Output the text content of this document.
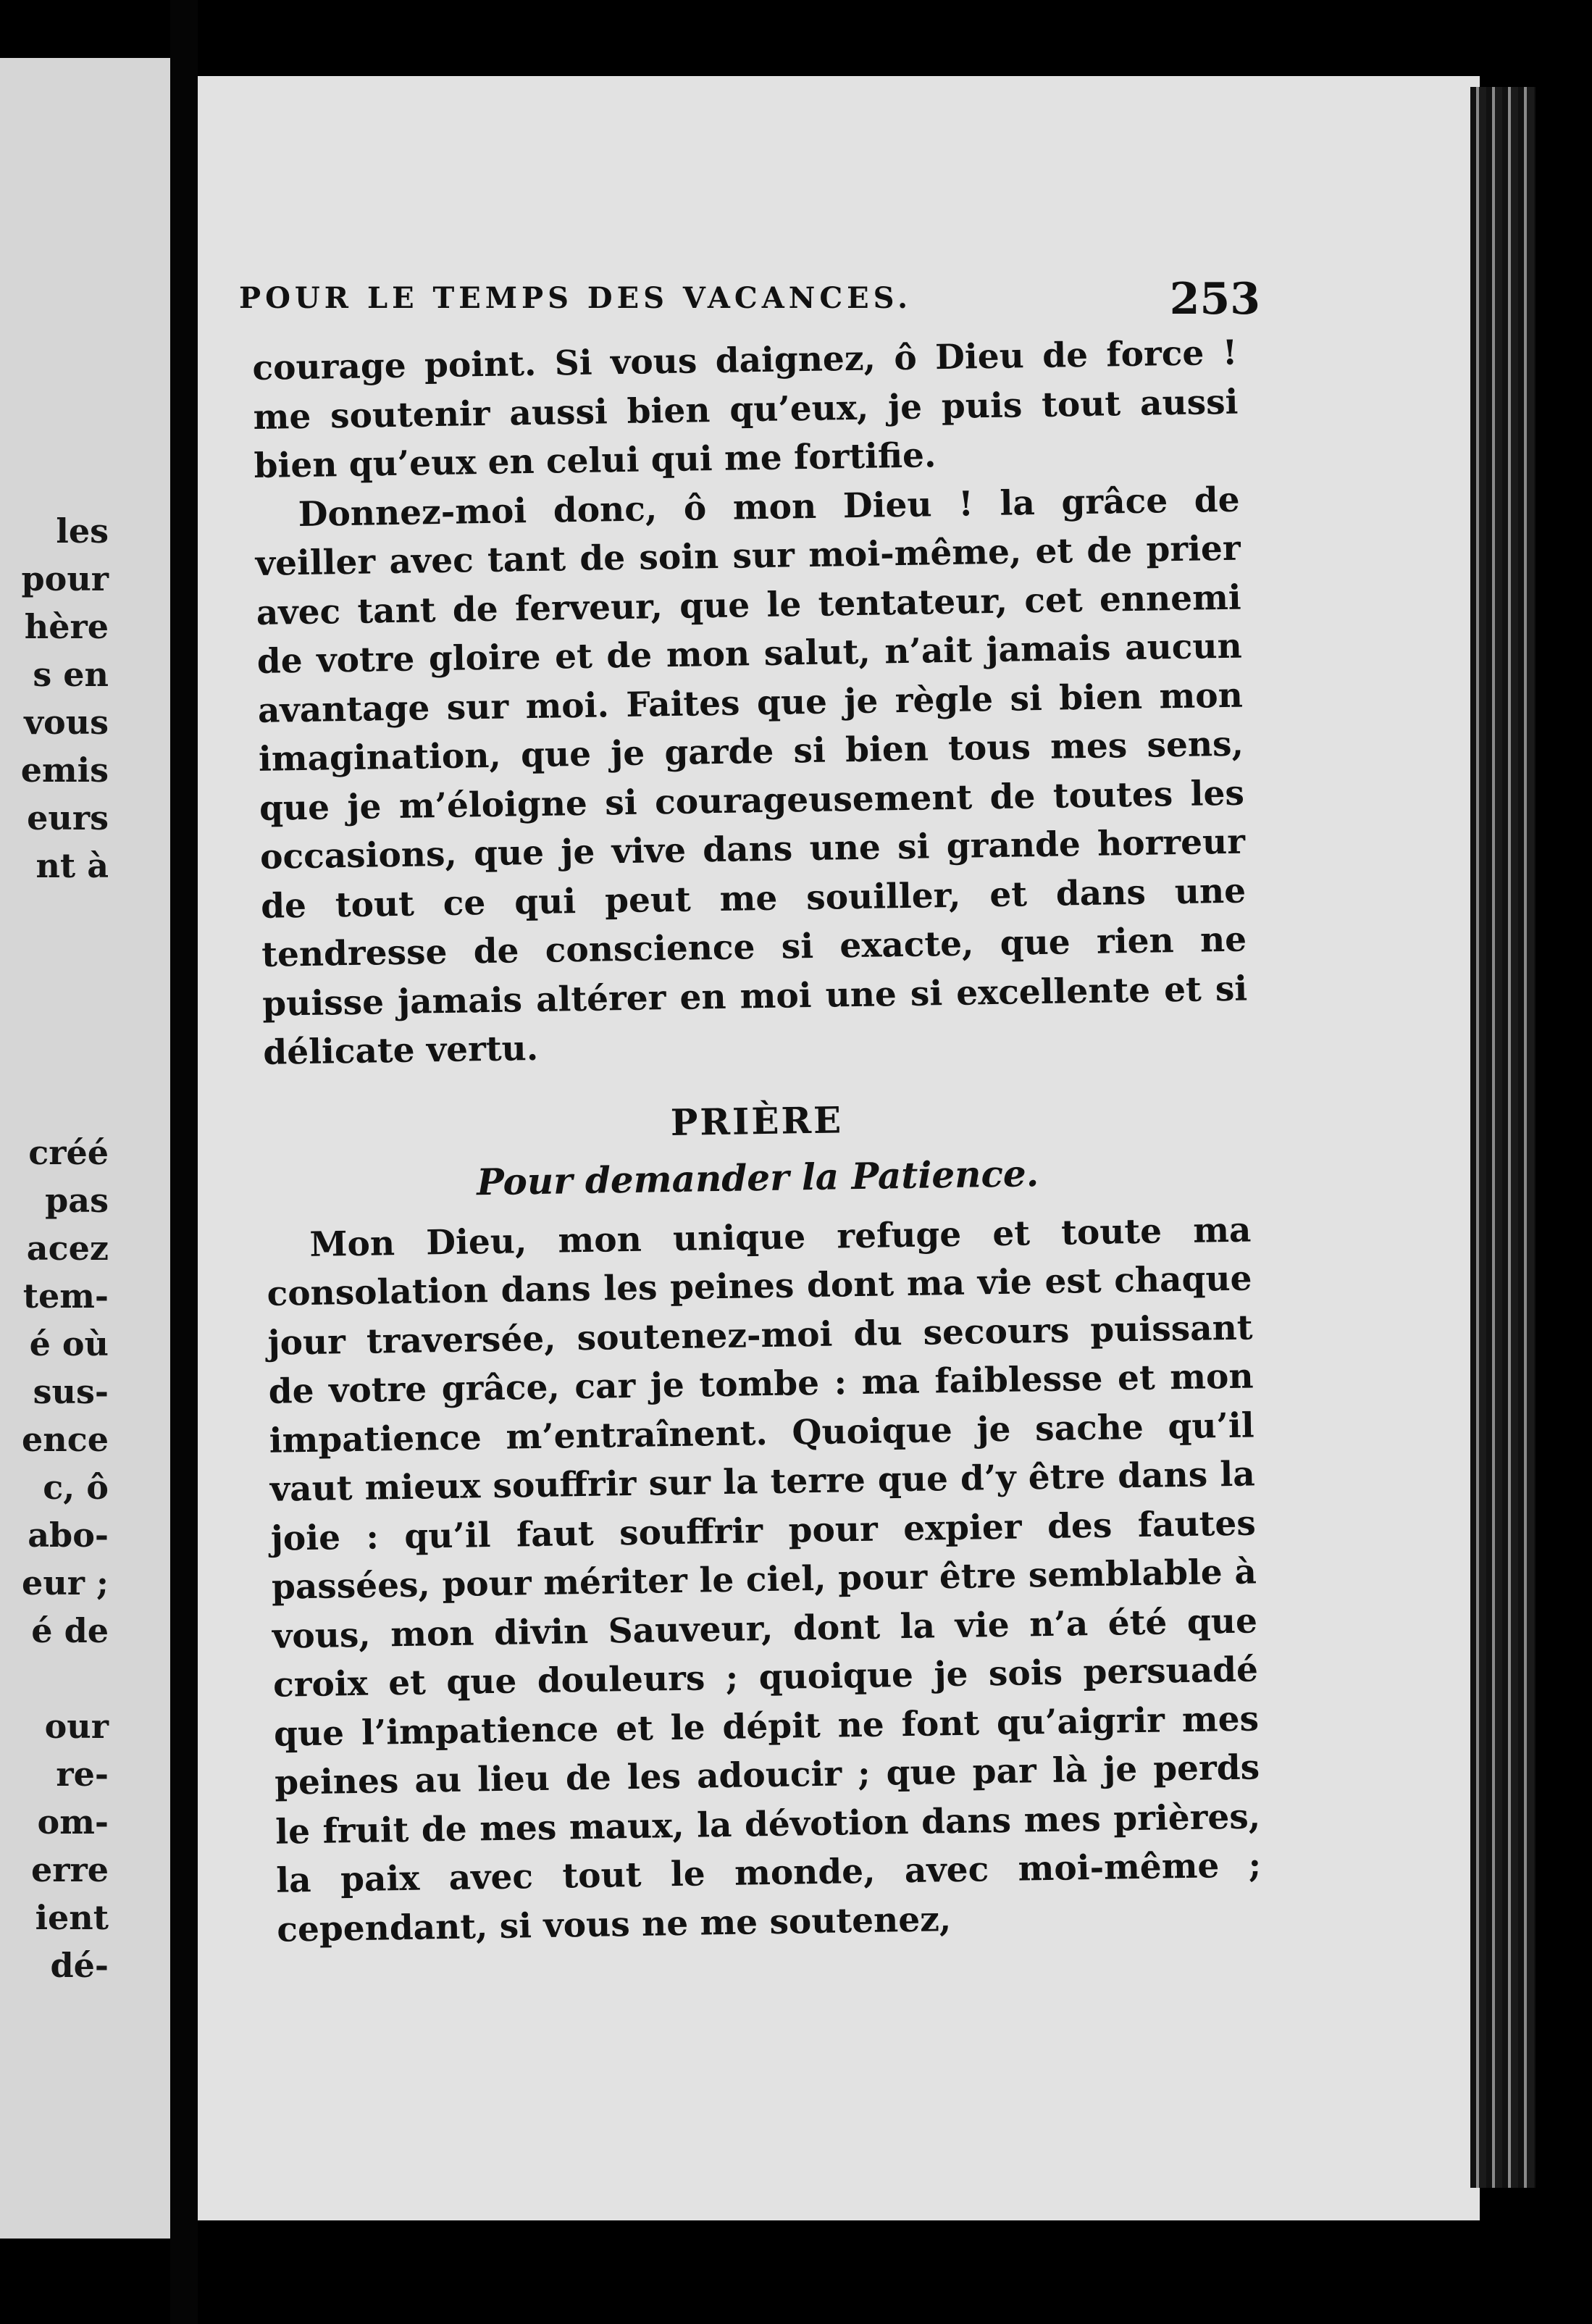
les
pour
hère
s en
vous
emis
eurs
nt à
créé
pas
acez
tem-
é où
sus-
ence
c, ô
abo-
eur ;
é de
our
re-
om-
erre
ient
dé-
POUR LE TEMPS DES VACANCES.	253

courage point. Si vous daignez, ô Dieu de force ! me soutenir aussi bien qu’eux, je puis tout aussi bien qu’eux en celui qui me fortifie.

Donnez-moi donc, ô mon Dieu ! la grâce de veiller avec tant de soin sur moi-même, et de prier avec tant de ferveur, que le tentateur, cet ennemi de votre gloire et de mon salut, n’ait jamais aucun avantage sur moi. Faites que je règle si bien mon imagination, que je garde si bien tous mes sens, que je m’éloigne si courageusement de toutes les occasions, que je vive dans une si grande horreur de tout ce qui peut me souiller, et dans une tendresse de conscience si exacte, que rien ne puisse jamais altérer en moi une si excellente et si délicate vertu.

PRIÈRE
Pour demander la Patience.

Mon Dieu, mon unique refuge et toute ma consolation dans les peines dont ma vie est chaque jour traversée, soutenez-moi du secours puissant de votre grâce, car je tombe : ma faiblesse et mon impatience m’entraînent. Quoique je sache qu’il vaut mieux souffrir sur la terre que d’y être dans la joie : qu’il faut souffrir pour expier des fautes passées, pour mériter le ciel, pour être semblable à vous, mon divin Sauveur, dont la vie n’a été que croix et que douleurs ; quoique je sois persuadé que l’impatience et le dépit ne font qu’aigrir mes peines au lieu de les adoucir ; que par là je perds le fruit de mes maux, la dévotion dans mes prières, la paix avec tout le monde, avec moi-même ; cependant, si vous ne me soutenez,
